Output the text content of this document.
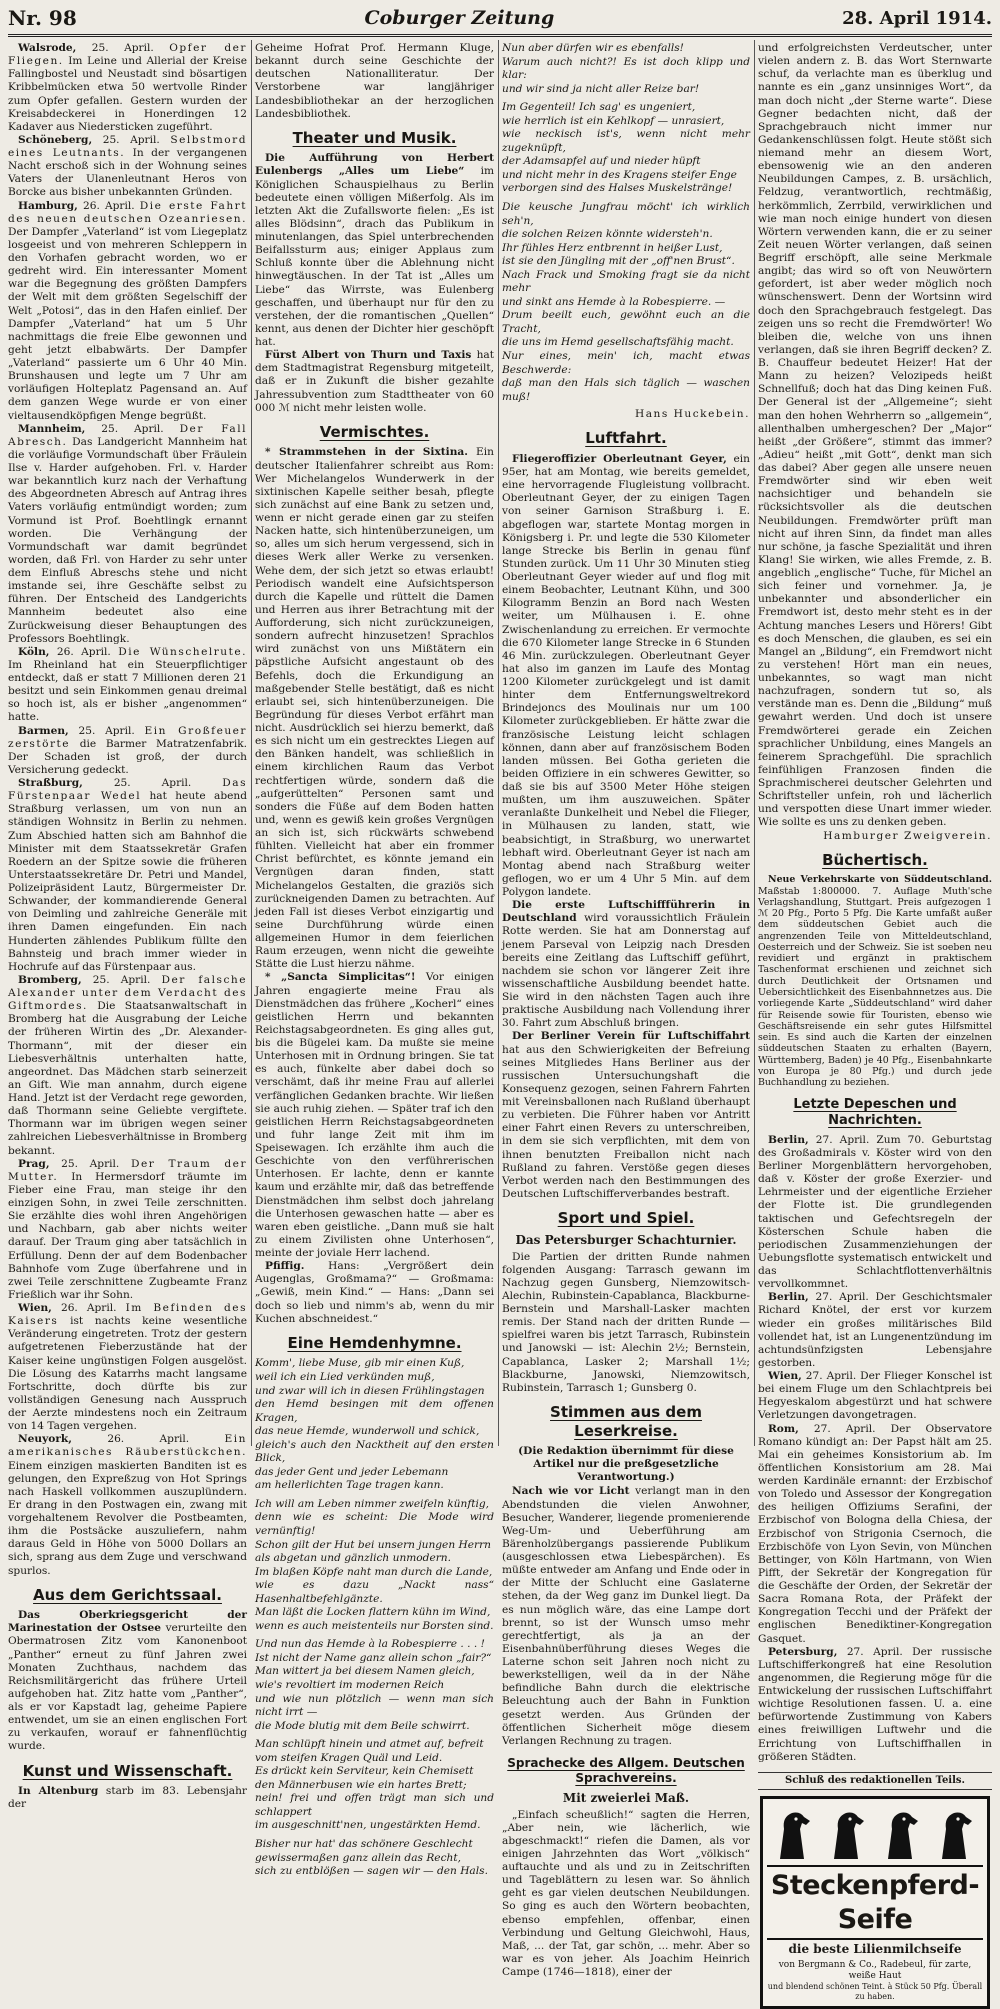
Nr. 98	Coburger Zeitung	28. April 1914.

Walsrode, 25. April. Opfer der Fliegen. Im Leine und Allerial der Kreise Fallingbostel und Neustadt sind bösartigen Kribbelmücken etwa 50 wertvolle Rinder zum Opfer gefallen. Gestern wurden der Kreisabdeckerei in Honerdingen 12 Kadaver aus Niedersticken zugeführt.

Schöneberg, 25. April. Selbstmord eines Leutnants. In der vergangenen Nacht erschoß sich in der Wohnung seines Vaters der Ulanenleutnant Heros von Borcke aus bisher unbekannten Gründen.

Hamburg, 26. April. Die erste Fahrt des neuen deutschen Ozeanriesen. Der Dampfer „Vaterland“ ist vom Liegeplatz losgeeist und von mehreren Schleppern in den Vorhafen gebracht worden, wo er gedreht wird. Ein interessanter Moment war die Begegnung des größten Dampfers der Welt mit dem größten Segelschiff der Welt „Potosi“, das in den Hafen einlief. Der Dampfer „Vaterland“ hat um 5 Uhr nachmittags die freie Elbe gewonnen und geht jetzt elbabwärts. Der Dampfer „Vaterland“ passierte um 6 Uhr 40 Min. Brunshausen und legte um 7 Uhr am vorläufigen Holteplatz Pagensand an. Auf dem ganzen Wege wurde er von einer vieltausendköpfigen Menge begrüßt.

Mannheim, 25. April. Der Fall Abresch. Das Landgericht Mannheim hat die vorläufige Vormundschaft über Fräulein Ilse v. Harder aufgehoben. Frl. v. Harder war bekanntlich kurz nach der Verhaftung des Abgeordneten Abresch auf Antrag ihres Vaters vorläufig entmündigt worden; zum Vormund ist Prof. Boehtlingk ernannt worden. Die Verhängung der Vormundschaft war damit begründet worden, daß Frl. von Harder zu sehr unter dem Einfluß Abreschs stehe und nicht imstande sei, ihre Geschäfte selbst zu führen. Der Entscheid des Landgerichts Mannheim bedeutet also eine Zurückweisung dieser Behauptungen des Professors Boehtlingk.

Köln, 26. April. Die Wünschelrute. Im Rheinland hat ein Steuerpflichtiger entdeckt, daß er statt 7 Millionen deren 21 besitzt und sein Einkommen genau dreimal so hoch ist, als er bisher „angenommen“ hatte.

Barmen, 25. April. Ein Großfeuer zerstörte die Barmer Matratzenfabrik. Der Schaden ist groß, der durch Versicherung gedeckt.

Straßburg,	25. April.	Das Fürstenpaar Wedel hat heute abend Straßburg verlassen, um von nun an ständigen Wohnsitz in Berlin zu nehmen. Zum Abschied hatten sich am Bahnhof die Minister mit dem Staatssekretär Grafen Roedern an der Spitze sowie die früheren Unterstaatssekretäre Dr. Petri und Mandel, Polizeipräsident Lautz, Bürgermeister Dr. Schwander, der kommandierende General von Deimling und zahlreiche Generäle mit ihren Damen eingefunden. Ein nach Hunderten zählendes Publikum füllte den Bahnsteig und brach immer wieder in Hochrufe auf das Fürstenpaar aus.

Bromberg, 25. April. Der falsche Alexander unter dem Verdacht des Giftmordes. Die Staatsanwaltschaft in Bromberg hat die Ausgrabung der Leiche der früheren Wirtin des „Dr. Alexander-Thormann“, mit der dieser ein Liebesverhältnis unterhalten hatte, angeordnet. Das Mädchen starb seinerzeit an Gift. Wie man annahm, durch eigene Hand. Jetzt ist der Verdacht rege geworden, daß Thormann seine Geliebte vergiftete. Thormann war im übrigen wegen seiner zahlreichen Liebesverhältnisse in Bromberg bekannt.

Prag, 25. April. Der Traum der Mutter. In Hermersdorf träumte im Fieber eine Frau, man steige ihr den einzigen Sohn, in zwei Teile zerschnitten. Sie erzählte dies wohl ihren Angehörigen und Nachbarn, gab aber nichts weiter darauf. Der Traum ging aber tatsächlich in Erfüllung. Denn der auf dem Bodenbacher Bahnhofe vom Zuge überfahrene und in zwei Teile zerschnittene Zugbeamte Franz Frießlich war ihr Sohn.

Wien, 26. April. Im Befinden des Kaisers ist nachts keine wesentliche Veränderung eingetreten. Trotz der gestern aufgetretenen Fieberzustände hat der Kaiser keine ungünstigen Folgen ausgelöst. Die Lösung des Katarrhs macht langsame Fortschritte, doch dürfte bis zur vollständigen Genesung nach Ausspruch der Aerzte mindestens noch ein Zeitraum von 14 Tagen vergehen.

Neuyork,	26. April.	Ein amerikanisches Räuberstückchen. Einem einzigen maskierten Banditen ist es gelungen, den Expreßzug von Hot Springs nach Haskell vollkommen auszuplündern. Er drang in den Postwagen ein, zwang mit vorgehaltenem Revolver die Postbeamten, ihm die Postsäcke auszuliefern, nahm daraus Geld in Höhe von 5000 Dollars an sich, sprang aus dem Zuge und verschwand spurlos.

Aus dem Gerichtssaal.

Das Oberkriegsgericht der Marinestation der Ostsee verurteilte den Obermatrosen Zitz vom Kanonenboot „Panther“ erneut zu fünf Jahren zwei Monaten Zuchthaus, nachdem das Reichsmilitärgericht das frühere Urteil aufgehoben hat. Zitz hatte vom „Panther“, als er vor Kapstadt lag, geheime Papiere entwendet, um sie an einen englischen Fort zu verkaufen, worauf er fahnenflüchtig wurde.

Kunst und Wissenschaft.

In Altenburg starb im 83. Lebensjahr der

Geheime Hofrat Prof. Hermann Kluge, bekannt durch seine Geschichte der deutschen Nationalliteratur. Der Verstorbene war langjähriger Landesbibliothekar an der herzoglichen Landesbibliothek.

Theater und Musik.

Die Aufführung von Herbert Eulenbergs „Alles um Liebe“ im Königlichen Schauspielhaus zu Berlin bedeutete einen völligen Mißerfolg. Als im letzten Akt die Zufallsworte fielen: „Es ist alles Blödsinn“, drach das Publikum in minutenlangen, das Spiel unterbrechenden Beifallssturm aus; einiger Applaus zum Schluß konnte über die Ablehnung nicht hinwegtäuschen. In der Tat ist „Alles um Liebe“ das Wirrste, was Eulenberg geschaffen, und überhaupt nur für den zu verstehen, der die romantischen „Quellen“ kennt, aus denen der Dichter hier geschöpft hat.

Fürst Albert von Thurn und Taxis hat dem Stadtmagistrat Regensburg mitgeteilt, daß er in Zukunft die bisher gezahlte Jahressubvention zum Stadttheater von 60 000 ℳ nicht mehr leisten wolle.

Vermischtes.

* Strammstehen in der Sixtina. Ein deutscher Italienfahrer schreibt aus Rom: Wer Michelangelos Wunderwerk in der sixtinischen Kapelle seither besah, pflegte sich zunächst auf eine Bank zu setzen und, wenn er nicht gerade einen gar zu steifen Nacken hatte, sich hintenüberzuneigen, um so, alles um sich herum vergessend, sich in dieses Werk aller Werke zu versenken. Wehe dem, der sich jetzt so etwas erlaubt! Periodisch wandelt eine Aufsichtsperson durch die Kapelle und rüttelt die Damen und Herren aus ihrer Betrachtung mit der Aufforderung, sich nicht zurückzuneigen, sondern aufrecht hinzusetzen! Sprachlos wird zunächst von uns Mißtätern ein päpstliche Aufsicht angestaunt ob des Befehls, doch die Erkundigung an maßgebender Stelle bestätigt, daß es nicht erlaubt sei, sich hintenüberzuneigen. Die Begründung für dieses Verbot erfährt man nicht. Ausdrücklich sei hierzu bemerkt, daß es sich nicht um ein gestrecktes Liegen auf den Bänken handelt, was schließlich in einem kirchlichen Raum das Verbot rechtfertigen würde, sondern daß die „aufgerüttelten“ Personen samt und sonders die Füße auf dem Boden hatten und, wenn es gewiß kein großes Vergnügen an sich ist, sich rückwärts schwebend fühlten. Vielleicht hat aber ein frommer Christ befürchtet, es könnte jemand ein Vergnügen daran finden, statt Michelangelos Gestalten, die graziös sich zurückneigenden Damen zu betrachten. Auf jeden Fall ist dieses Verbot einzigartig und seine Durchführung würde einen allgemeinen Humor in dem feierlichen Raum erzeugen, wenn nicht die geweihte Stätte die Lust hierzu nähme.

* „Sancta Simplicitas“! Vor einigen Jahren engagierte meine Frau als Dienstmädchen das frühere „Kocherl“ eines geistlichen Herrn und bekannten Reichstagsabgeordneten. Es ging alles gut, bis die Bügelei kam. Da mußte sie meine Unterhosen mit in Ordnung bringen. Sie tat es auch, fünkelte aber dabei doch so verschämt, daß ihr meine Frau auf allerlei verfänglichen Gedanken brachte. Wir ließen sie auch ruhig ziehen. — Später traf ich den geistlichen Herrn Reichstagsabgeordneten und fuhr lange Zeit mit ihm im Speisewagen. Ich erzählte ihm auch die Geschichte von den verführerischen Unterhosen. Er lachte, denn er kannte kaum und erzählte mir, daß das betreffende Dienstmädchen ihm selbst doch jahrelang die Unterhosen gewaschen hatte — aber es waren eben geistliche. „Dann muß sie halt zu einem Zivilisten ohne Unterhosen“, meinte der joviale Herr lachend.

Pfiffig. Hans: „Vergrößert dein Augenglas, Großmama?“ — Großmama: „Gewiß, mein Kind.“ — Hans: „Dann sei doch so lieb und nimm's ab, wenn du mir Kuchen abschneidest.“

Eine Hemdenhymne.
Komm', liebe Muse, gib mir einen Kuß,
weil ich ein Lied verkünden muß,
und zwar will ich in diesen Frühlingstagen
den Hemd besingen mit dem offenen Kragen,
das neue Hemde, wunderwoll und schick,
gleich's auch den Nacktheit auf den ersten Blick,
das jeder Gent und jeder Lebemann
am hellerlichten Tage tragen kann.

Ich will am Leben nimmer zweifeln künftig,
denn wie es scheint: Die Mode wird vernünftig!
Schon gilt der Hut bei unsern jungen Herrn
als abgetan und gänzlich unmodern.
Im blaßen Köpfe naht man durch die Lande,
wie es dazu „Nackt nass“ Hasenhaltbefehlgänzte.
Man läßt die Locken flattern kühn im Wind,
wenn es auch meistenteils nur Borsten sind.

Und nun das Hemde à la Robespierre . . . !
Ist nicht der Name ganz allein schon „fair?“
Man wittert ja bei diesem Namen gleich,
wie's revoltiert im modernen Reich
und wie nun plötzlich — wenn man sich nicht irrt —
die Mode blutig mit dem Beile schwirrt.

Man schlüpft hinein und atmet auf, befreit
vom steifen Kragen Quäl und Leid.
Es drückt kein Serviteur, kein Chemisett
den Männerbusen wie ein hartes Brett;
nein! frei und offen trägt man sich und schlappert
im ausgeschnitt'nen, ungestärkten Hemd.

Bisher nur hat' das schönere Geschlecht
gewissermaßen ganz allein das Recht,
sich zu entblößen — sagen wir — den Hals.
Nun aber dürfen wir es ebenfalls!
Warum auch nicht?! Es ist doch klipp und klar:
und wir sind ja nicht aller Reize bar!

Im Gegenteil! Ich sag' es ungeniert,
wie herrlich ist ein Kehlkopf — unrasiert,
wie neckisch ist's, wenn nicht mehr zugeknüpft,
der Adamsapfel auf und nieder hüpft
und nicht mehr in des Kragens steifer Enge
verborgen sind des Halses Muskelstränge!

Die keusche Jungfrau möcht' ich wirklich seh'n,
die solchen Reizen könnte widersteh'n.
Ihr fühles Herz entbrennt in heißer Lust,
ist sie den Jüngling mit der „off'nen Brust“.
Nach Frack und Smoking fragt sie da nicht mehr
und sinkt ans Hemde à la Robespierre. —
Drum beeilt euch, gewöhnt euch an die Tracht,
die uns im Hemd gesellschaftsfähig macht.
Nur eines, mein' ich, macht etwas Beschwerde:
daß man den Hals sich täglich — waschen muß!
Hans Huckebein.
Luftfahrt.

Fliegeroffizier Oberleutnant Geyer, ein 95er, hat am Montag, wie bereits gemeldet, eine hervorragende Flugleistung vollbracht. Oberleutnant Geyer, der zu einigen Tagen von seiner Garnison Straßburg i. E. abgeflogen war, startete Montag morgen in Königsberg i. Pr. und legte die 530 Kilometer lange Strecke bis Berlin in genau fünf Stunden zurück. Um 11 Uhr 30 Minuten stieg Oberleutnant Geyer wieder auf und flog mit einem Beobachter, Leutnant Kühn, und 300 Kilogramm Benzin an Bord nach Westen weiter, um Mülhausen i. E. ohne Zwischenlandung zu erreichen. Er vermochte die 670 Kilometer lange Strecke in 6 Stunden 46 Min. zurückzulegen. Oberleutnant Geyer hat also im ganzen im Laufe des Montag 1200 Kilometer zurückgelegt und ist damit hinter dem Entfernungsweltrekord Brindejoncs des Moulinais nur um 100 Kilometer zurückgeblieben. Er hätte zwar die französische Leistung leicht schlagen können, dann aber auf französischem Boden landen müssen. Bei Gotha gerieten die beiden Offiziere in ein schweres Gewitter, so daß sie bis auf 3500 Meter Höhe steigen mußten, um ihm auszuweichen. Später veranlaßte Dunkelheit und Nebel die Flieger, in Mülhausen zu landen, statt, wie beabsichtigt, in Straßburg, wo unerwartet lebhaft wird. Oberleutnant Geyer ist nach am Montag abend nach Straßburg weiter geflogen, wo er um 4 Uhr 5 Min. auf dem Polygon landete.

Die erste Luftschiffführerin in Deutschland wird voraussichtlich Fräulein Rotte werden. Sie hat am Donnerstag auf jenem Parseval von Leipzig nach Dresden bereits eine Zeitlang das Luftschiff geführt, nachdem sie schon vor längerer Zeit ihre wissenschaftliche Ausbildung beendet hatte. Sie wird in den nächsten Tagen auch ihre praktische Ausbildung nach Vollendung ihrer 30. Fahrt zum Abschluß bringen.

Der Berliner Verein für Luftschiffahrt hat aus den Schwierigkeiten der Befreiung seines Mitgliedes Hans Berliner aus der russischen Untersuchungshaft die Konsequenz gezogen, seinen Fahrern Fahrten mit Vereinsballonen nach Rußland überhaupt zu verbieten. Die Führer haben vor Antritt einer Fahrt einen Revers zu unterschreiben, in dem sie sich verpflichten, mit dem von ihnen benutzten Freiballon nicht nach Rußland zu fahren. Verstöße gegen dieses Verbot werden nach den Bestimmungen des Deutschen Luftschifferverbandes bestraft.

Sport und Spiel.
Das Petersburger Schachturnier.

Die Partien der dritten Runde nahmen folgenden Ausgang: Tarrasch gewann im Nachzug gegen Gunsberg, Niemzowitsch-Alechin, Rubinstein-Capablanca, Blackburne-Bernstein und Marshall-Lasker machten remis. Der Stand nach der dritten Runde — spielfrei waren bis jetzt Tarrasch, Rubinstein und Janowski — ist: Alechin 2½; Bernstein, Capablanca, Lasker 2; Marshall 1½; Blackburne, Janowski, Niemzowitsch, Rubinstein, Tarrasch 1; Gunsberg 0.

Stimmen aus dem Leserkreise.

(Die Redaktion übernimmt für diese Artikel nur die preßgesetzliche Verantwortung.)

Nach wie vor Licht verlangt man in den Abendstunden die vielen Anwohner, Besucher, Wanderer, liegende promenierende Weg-Um- und Ueberführung am Bärenholzübergangs passierende Publikum (ausgeschlossen etwa Liebespärchen). Es müßte entweder am Anfang und Ende oder in der Mitte der Schlucht eine Gaslaterne stehen, da der Weg ganz im Dunkel liegt. Da es nun möglich wäre, das eine Lampe dort brennt, so ist der Wunsch umso mehr gerechtfertigt, als ja an der Eisenbahnüberführung dieses Weges die Laterne schon seit Jahren noch nicht zu bewerkstelligen, weil da in der Nähe befindliche Bahn durch die elektrische Beleuchtung auch der Bahn in Funktion gesetzt werden. Aus Gründen der öffentlichen Sicherheit möge diesem Verlangen Rechnung zu tragen.

Sprachecke des Allgem. Deutschen Sprachvereins.
Mit zweierlei Maß.

„Einfach scheußlich!“ sagten die Herren, „Aber nein, wie lächerlich, wie abgeschmackt!“ riefen die Damen, als vor einigen Jahrzehnten das Wort „völkisch“ auftauchte und als und zu in Zeitschriften und Tageblättern zu lesen war. So ähnlich geht es gar vielen deutschen Neubildungen. So ging es auch den Wörtern beobachten, ebenso empfehlen, offenbar, einen Verbindung und Geltung Gleichwohl, Haus, Maß, ... der Tat, gar schön, ... mehr. Aber so war es von jeher. Als Joachim Heinrich Campe (1746—1818), einer der

und erfolgreichsten Verdeutscher, unter vielen andern z. B. das Wort Sternwarte schuf, da verlachte man es überklug und nannte es ein „ganz unsinniges Wort“, da man doch nicht „der Sterne warte“. Diese Gegner bedachten nicht, daß der Sprachgebrauch nicht immer nur Gedankenschlüssen folgt. Heute stößt sich niemand mehr an diesem Wort, ebensowenig wie an den anderen Neubildungen Campes, z. B. ursächlich, Feldzug, verantwortlich, rechtmäßig, herkömmlich, Zerrbild, verwirklichen und wie man noch einige hundert von diesen Wörtern verwenden kann, die er zu seiner Zeit neuen Wörter verlangen, daß seinen Begriff erschöpft, alle seine Merkmale angibt; das wird so oft von Neuwörtern gefordert, ist aber weder möglich noch wünschenswert. Denn der Wortsinn wird doch den Sprachgebrauch festgelegt. Das zeigen uns so recht die Fremdwörter! Wo bleiben die, welche von uns ihnen verlangen, daß sie ihren Begriff decken? Z. B. Chauffeur bedeutet Heizer! Hat der Mann zu heizen? Velozipeds heißt Schnellfuß; doch hat das Ding keinen Fuß. Der General ist der „Allgemeine“; sieht man den hohen Wehrherrn so „allgemein“, allenthalben umhergeschen? Der „Major“ heißt „der Größere“, stimmt das immer? „Adieu“ heißt „mit Gott“, denkt man sich das dabei? Aber gegen alle unsere neuen Fremdwörter sind wir eben weit nachsichtiger und behandeln sie rücksichtsvoller als die deutschen Neubildungen. Fremdwörter prüft man nicht auf ihren Sinn, da findet man alles nur schöne, ja fasche Spezialität und ihren Klang! Sie wirken, wie alles Fremde, z. B. angeblich „englische“ Tuche, für Michel an sich feiner und vornehmer. Ja, je unbekannter und absonderlicher ein Fremdwort ist, desto mehr steht es in der Achtung manches Lesers und Hörers! Gibt es doch Menschen, die glauben, es sei ein Mangel an „Bildung“, ein Fremdwort nicht zu verstehen! Hört man ein neues, unbekanntes, so wagt man nicht nachzufragen, sondern tut so, als verstände man es. Denn die „Bildung“ muß gewahrt werden. Und doch ist unsere Fremdwörterei gerade ein Zeichen sprachlicher Unbildung, eines Mangels an feinerem Sprachgefühl. Die sprachlich feinfühligen Franzosen finden die Sprachmischerei deutscher Gelehrten und Schriftsteller unfein, roh und lächerlich und verspotten diese Unart immer wieder. Wie sollte es uns zu denken geben.

Hamburger Zweigverein.
Büchertisch.

Neue Verkehrskarte von Süddeutschland. Maßstab 1:800000. 7. Auflage Muth'sche Verlagshandlung, Stuttgart. Preis aufgezogen 1 ℳ 20 Pfg., Porto 5 Pfg. Die Karte umfaßt außer dem süddeutschen Gebiet auch die angrenzenden Teile von Mitteldeutschland, Oesterreich und der Schweiz. Sie ist soeben neu revidiert und ergänzt in praktischem Taschenformat erschienen und zeichnet sich durch Deutlichkeit der Ortsnamen und Uebersichtlichkeit des Eisenbahnnetzes aus. Die vorliegende Karte „Süddeutschland“ wird daher für Reisende sowie für Touristen, ebenso wie Geschäftsreisende ein sehr gutes Hilfsmittel sein. Es sind auch die Karten der einzelnen süddeutschen Staaten zu erhalten (Bayern, Württemberg, Baden) je 40 Pfg., Eisenbahnkarte von Europa je 80 Pfg.) und durch jede Buchhandlung zu beziehen.

Letzte Depeschen und Nachrichten.

Berlin, 27. April. Zum 70. Geburtstag des Großadmirals v. Köster wird von den Berliner Morgenblättern hervorgehoben, daß v. Köster der große Exerzier- und Lehrmeister und der eigentliche Erzieher der Flotte ist. Die grundlegenden taktischen und Gefechtsregeln der Kösterschen Schule haben die periodischen Zusammenziehungen der Uebungsflotte systematisch entwickelt und das Schlachtflottenverhältnis vervollkommnet.

Berlin, 27. April. Der Geschichtsmaler Richard Knötel, der erst vor kurzem wieder ein großes militärisches Bild vollendet hat, ist an Lungenentzündung im achtundsünfzigsten Lebensjahre gestorben.

Wien, 27. April. Der Flieger Konschel ist bei einem Fluge um den Schlachtpreis bei Hegyeskalom abgestürzt und hat schwere Verletzungen davongetragen.

Rom, 27. April. Der Observatore Romano kündigt an: Der Papst hält am 25. Mai ein geheimes Konsistorium ab. Im öffentlichen Konsistorium am 28. Mai werden Kardinäle ernannt: der Erzbischof von Toledo und Assessor der Kongregation des heiligen Offiziums Serafini, der Erzbischof von Bologna della Chiesa, der Erzbischof von Strigonia Csernoch, die Erzbischöfe von Lyon Sevin, von München Bettinger, von Köln Hartmann, von Wien Pifft, der Sekretär der Kongregation für die Geschäfte der Orden, der Sekretär der Sacra Romana Rota, der Präfekt der Kongregation Tecchi und der Präfekt der englischen Benediktiner-Kongregation Gasquet.

Petersburg, 27. April. Der russische Luftschifferkongreß hat eine Resolution angenommen, die Regierung möge für die Entwickelung der russischen Luftschiffahrt wichtige Resolutionen fassen. U. a. eine befürwortende Zustimmung von Kabers eines freiwilligen Luftwehr und die Errichtung von Luftschiffhallen in größeren Städten.

Schluß des redaktionellen Teils.
Steckenpferd-Seife
die beste Lilienmilchseife
von Bergmann & Co., Radebeul, für zarte, weiße Haut
und blendend schönen Teint. à Stück 50 Pfg. Überall zu haben.
